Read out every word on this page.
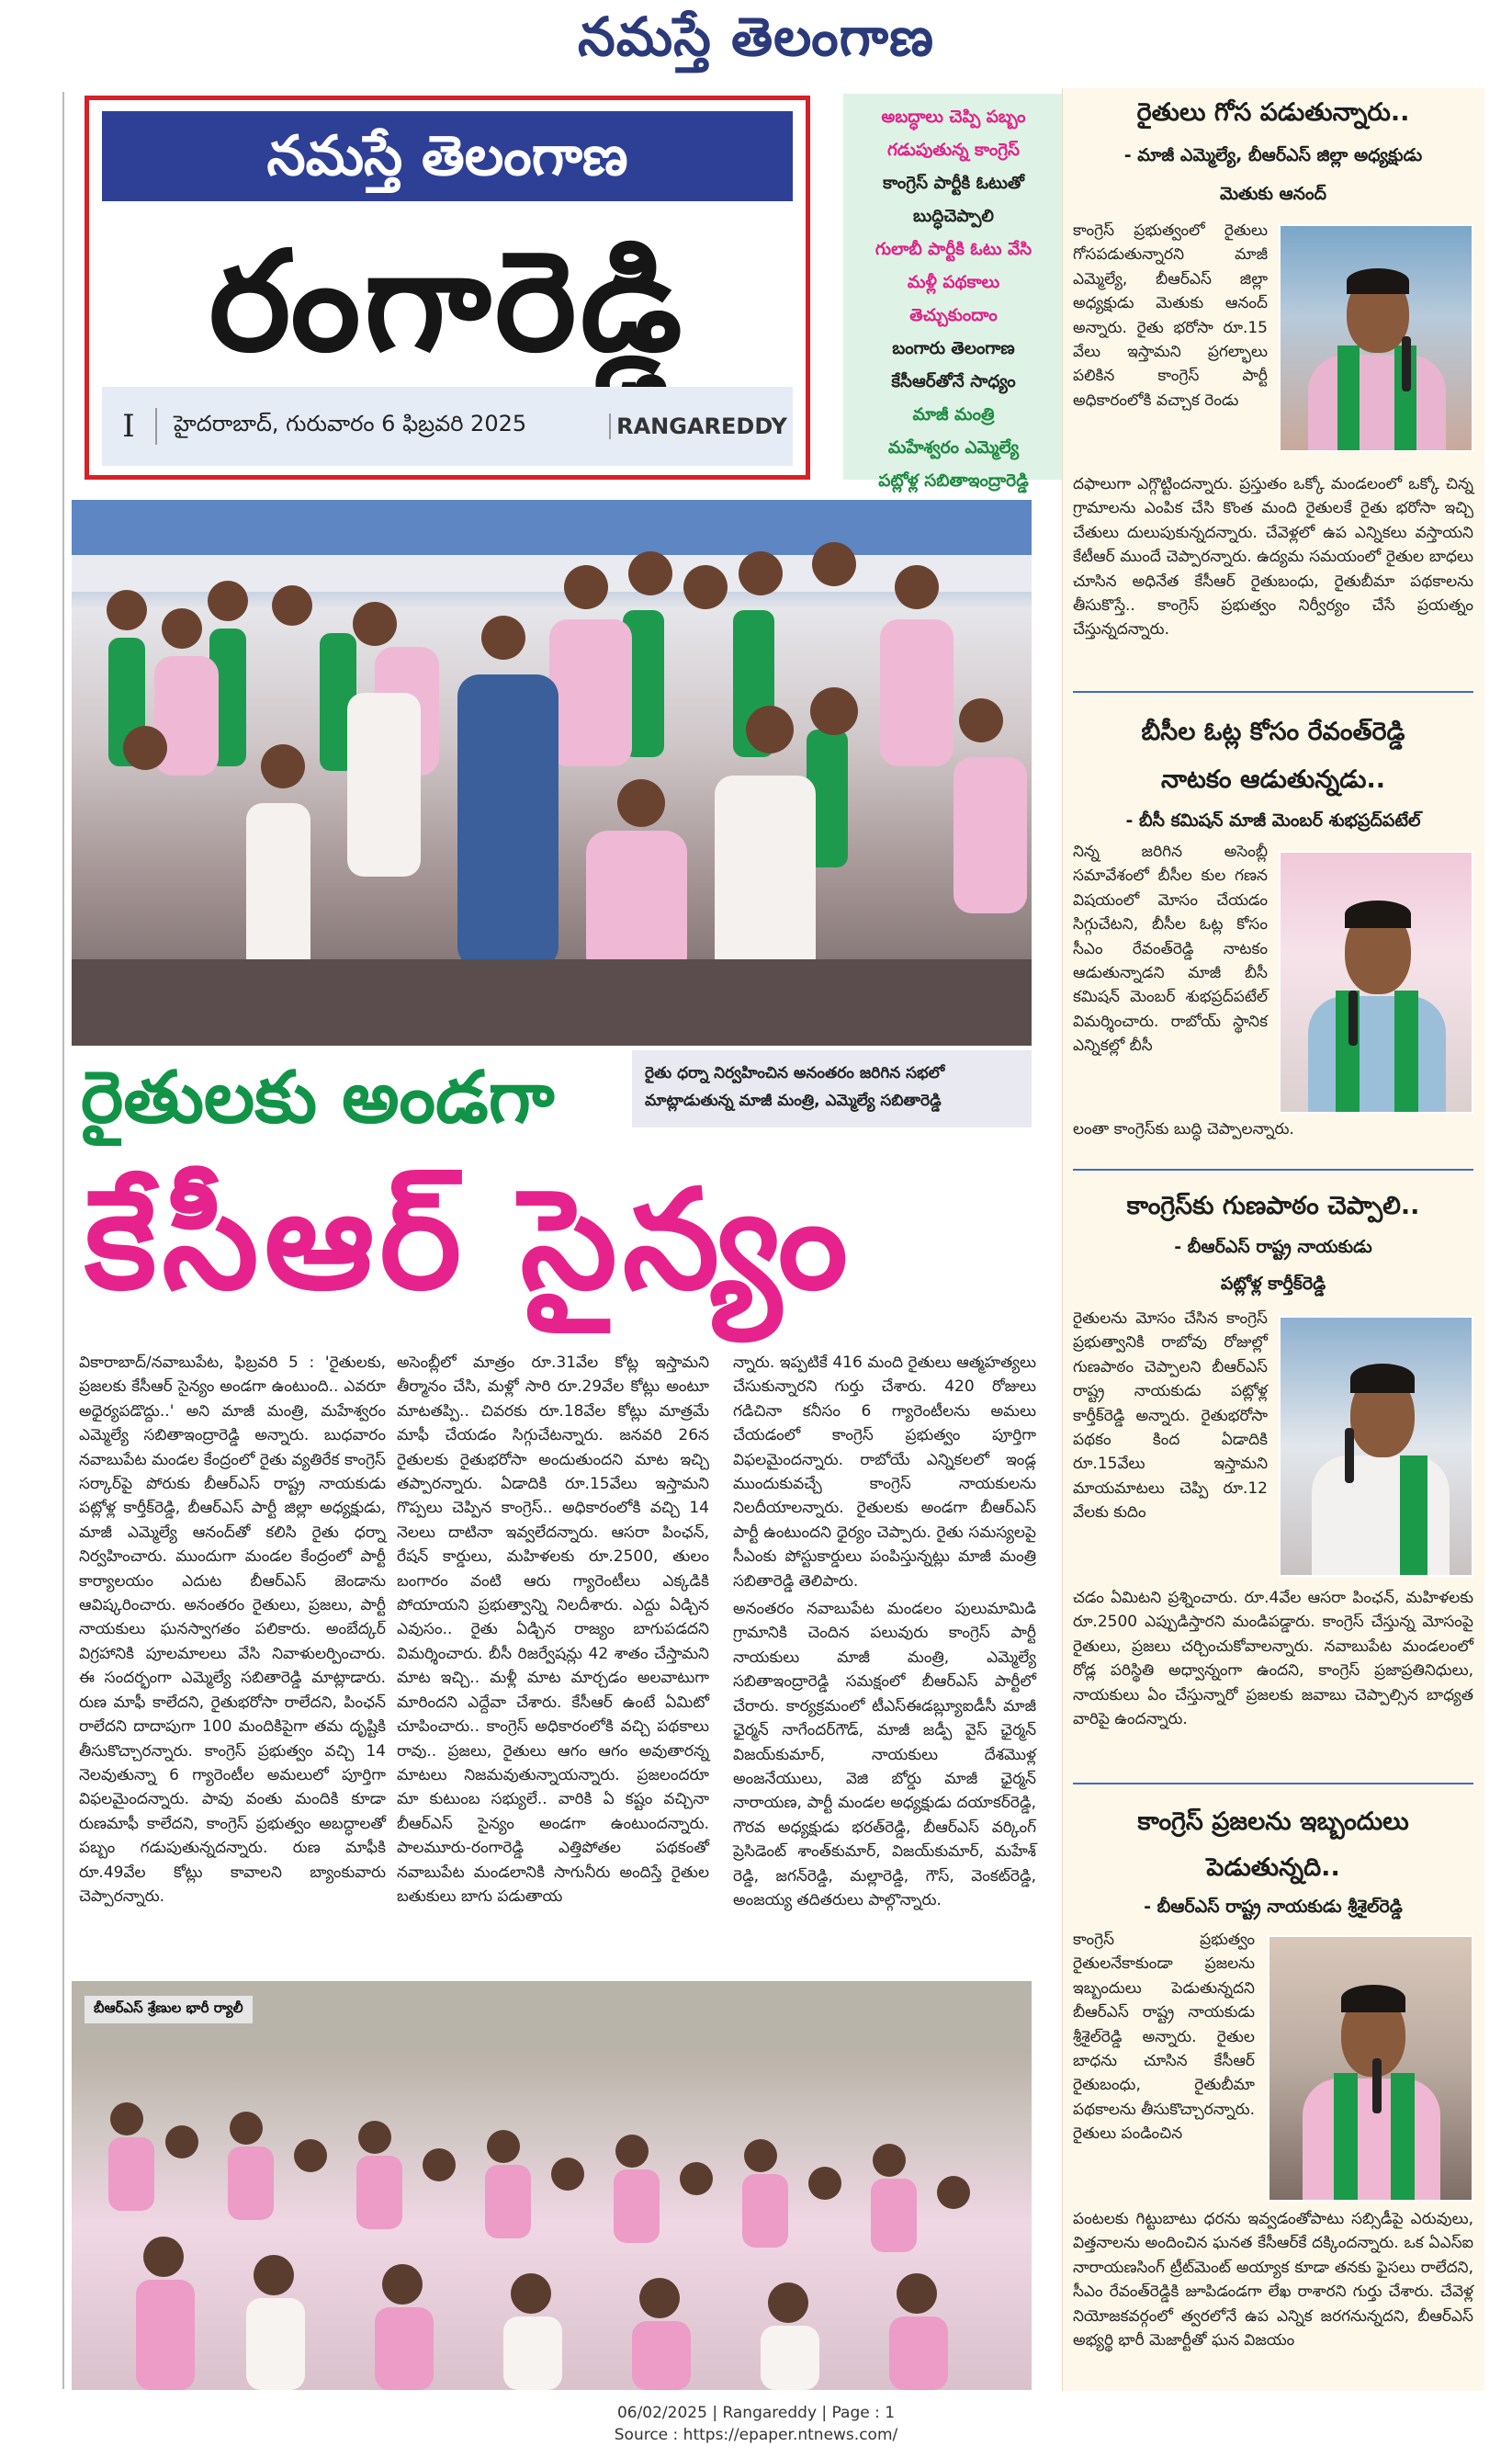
నమస్తే తెలంగాణ
నమస్తే తెలంగాణ
రంగారెడ్డి
I	హైదరాబాద్, గురువారం 6 ఫిబ్రవరి 2025	RANGAREDDY

అబద్ధాలు చెప్పి పబ్బం

గడుపుతున్న కాంగ్రెస్

కాంగ్రెస్ పార్టీకి ఓటుతో

బుద్ధిచెప్పాలి

గులాబీ పార్టీకి ఓటు వేసి

మళ్లీ పథకాలు

తెచ్చుకుందాం

బంగారు తెలంగాణ

కేసీఆర్‌తోనే సాధ్యం

మాజీ మంత్రి

మహేశ్వరం ఎమ్మెల్యే

పట్లోళ్ల సబితాఇంద్రారెడ్డి

రైతు ధర్నా నిర్వహించిన అనంతరం జరిగిన సభలో

మాట్లాడుతున్న మాజీ మంత్రి, ఎమ్మెల్యే సబితారెడ్డి

రైతులకు అండగా
కేసీఆర్ సైన్యం

వికారాబాద్/నవాబుపేట, ఫిబ్రవరి 5 : 'రైతులకు, ప్రజలకు కేసీఆర్ సైన్యం అండగా ఉంటుంది.. ఎవరూ అధైర్యపడొద్దు..' అని మాజీ మంత్రి, మహేశ్వరం ఎమ్మెల్యే సబితాఇంద్రారెడ్డి అన్నారు. బుధవారం నవాబుపేట మండల కేంద్రంలో రైతు వ్యతిరేక కాంగ్రెస్ సర్కార్‌పై పోరుకు బీఆర్‌ఎస్ రాష్ట్ర నాయకుడు పట్లోళ్ల కార్తీక్‌రెడ్డి, బీఆర్‌ఎస్ పార్టీ జిల్లా అధ్యక్షుడు, మాజీ ఎమ్మెల్యే ఆనంద్‌తో కలిసి రైతు ధర్నా నిర్వహించారు. ముందుగా మండల కేంద్రంలో పార్టీ కార్యాలయం ఎదుట బీఆర్‌ఎస్ జెండాను ఆవిష్కరించారు. అనంతరం రైతులు, ప్రజలు, పార్టీ నాయకులు ఘనస్వాగతం పలికారు. అంబేద్కర్ విగ్రహానికి పూలమాలలు వేసి నివాళులర్పించారు. ఈ సందర్భంగా ఎమ్మెల్యే సబితారెడ్డి మాట్లాడారు. రుణ మాఫీ కాలేదని, రైతుభరోసా రాలేదని, పింఛన్ రాలేదని దాదాపుగా 100 మందికిపైగా తమ దృష్టికి తీసుకొచ్చారన్నారు. కాంగ్రెస్ ప్రభుత్వం వచ్చి 14 నెలవుతున్నా 6 గ్యారెంటీల అమలులో పూర్తిగా విఫలమైందన్నారు. పావు వంతు మందికి కూడా రుణమాఫీ కాలేదని, కాంగ్రెస్ ప్రభుత్వం అబద్ధాలతో పబ్బం గడుపుతున్నదన్నారు. రుణ మాఫీకి రూ.49వేల కోట్లు కావాలని బ్యాంకువారు చెప్పారన్నారు.

అసెంబ్లీలో మాత్రం రూ.31వేల కోట్ల ఇస్తామని తీర్మానం చేసి, మళ్లో సారి రూ.29వేల కోట్లు అంటూ మాటతప్పి.. చివరకు రూ.18వేల కోట్లు మాత్రమే మాఫీ చేయడం సిగ్గుచేటన్నారు. జనవరి 26న రైతులకు రైతుభరోసా అందుతుందని మాట ఇచ్చి తప్పారన్నారు. ఏడాదికి రూ.15వేలు ఇస్తామని గొప్పలు చెప్పిన కాంగ్రెస్.. అధికారంలోకి వచ్చి 14 నెలలు దాటినా ఇవ్వలేదన్నారు. ఆసరా పింఛన్, రేషన్ కార్డులు, మహిళలకు రూ.2500, తులం బంగారం వంటి ఆరు గ్యారెంటీలు ఎక్కడికి పోయాయని ప్రభుత్వాన్ని నిలదీశారు. ఎద్దు ఏడ్చిన ఎవుసం.. రైతు ఏడ్చిన రాజ్యం బాగుపడదని విమర్శించారు. బీసీ రిజర్వేషన్లు 42 శాతం చేస్తామని మాట ఇచ్చి.. మళ్లీ మాట మార్చడం అలవాటుగా మారిందని ఎద్దేవా చేశారు. కేసీఆర్ ఉంటే ఏమిటో చూపించారు.. కాంగ్రెస్ అధికారంలోకి వచ్చి పథకాలు రావు.. ప్రజలు, రైతులు ఆగం ఆగం అవుతారన్న మాటలు నిజమవుతున్నాయన్నారు. ప్రజలందరూ మా కుటుంబ సభ్యులే.. వారికి ఏ కష్టం వచ్చినా బీఆర్‌ఎస్ సైన్యం అండగా ఉంటుందన్నారు. పాలమూరు-రంగారెడ్డి ఎత్తిపోతల పథకంతో నవాబుపేట మండలానికి సాగునీరు అందిస్తే రైతుల బతుకులు బాగు పడుతాయ

న్నారు. ఇప్పటికే 416 మంది రైతులు ఆత్మహత్యలు చేసుకున్నారని గుర్తు చేశారు. 420 రోజులు గడిచినా కనీసం 6 గ్యారెంటీలను అమలు చేయడంలో కాంగ్రెస్ ప్రభుత్వం పూర్తిగా విఫలమైందన్నారు. రాబోయే ఎన్నికలలో ఇండ్ల ముందుకువచ్చే కాంగ్రెస్ నాయకులను నిలదీయాలన్నారు. రైతులకు అండగా బీఆర్‌ఎస్ పార్టీ ఉంటుందని ధైర్యం చెప్పారు. రైతు సమస్యలపై సీఎంకు పోస్టుకార్డులు పంపిస్తున్నట్లు మాజీ మంత్రి సబితారెడ్డి తెలిపారు.

అనంతరం నవాబుపేట మండలం పులుమామిడి గ్రామానికి చెందిన పలువురు కాంగ్రెస్ పార్టీ నాయకులు మాజీ మంత్రి, ఎమ్మెల్యే సబితాఇంద్రారెడ్డి సమక్షంలో బీఆర్‌ఎస్ పార్టీలో చేరారు. కార్యక్రమంలో టీఎస్‌ఈడబ్ల్యూఐడీసీ మాజీ ఛైర్మన్ నాగేందర్‌గౌడ్, మాజీ జడ్పీ వైస్ ఛైర్మన్ విజయ్‌కుమార్, నాయకులు దేశమొళ్ల అంజనేయులు, వెజి బోర్డు మాజీ ఛైర్మన్ నారాయణ, పార్టీ మండల అధ్యక్షుడు దయాకర్‌రెడ్డి, గౌరవ అధ్యక్షుడు భరత్‌రెడ్డి, బీఆర్‌ఎస్ వర్కింగ్ ప్రెసిడెంట్ శాంత్‌కుమార్, విజయ్‌కుమార్, మహేశ్ రెడ్డి, జగన్‌రెడ్డి, మల్లారెడ్డి, గౌస్, వెంకట్‌రెడ్డి, అంజయ్య తదితరులు పాల్గొన్నారు.

బీఆర్‌ఎస్ శ్రేణుల భారీ ర్యాలీ
రైతులు గోస పడుతున్నారు..
- మాజీ ఎమ్మెల్యే, బీఆర్‌ఎస్ జిల్లా అధ్యక్షుడు
మెతుకు ఆనంద్
కాంగ్రెస్ ప్రభుత్వంలో రైతులు గోసపడుతున్నారని మాజీ ఎమ్మెల్యే, బీఆర్‌ఎస్ జిల్లా అధ్యక్షుడు మెతుకు ఆనంద్ అన్నారు. రైతు భరోసా రూ.15 వేలు ఇస్తామని ప్రగల్భాలు పలికిన కాంగ్రెస్ పార్టీ అధికారంలోకి వచ్చాక రెండు
దఫాలుగా ఎగ్గొట్టిందన్నారు. ప్రస్తుతం ఒక్కో మండలంలో ఒక్కో చిన్న గ్రామాలను ఎంపిక చేసి కొంత మంది రైతులకే రైతు భరోసా ఇచ్చి చేతులు దులుపుకున్నదన్నారు. చేవెళ్లలో ఉప ఎన్నికలు వస్తాయని కేటీఆర్ ముందే చెప్పారన్నారు. ఉద్యమ సమయంలో రైతుల బాధలు చూసిన అధినేత కేసీఆర్ రైతుబంధు, రైతుబీమా పథకాలను తీసుకొస్తే.. కాంగ్రెస్ ప్రభుత్వం నిర్వీర్యం చేసే ప్రయత్నం చేస్తున్నదన్నారు.
బీసీల ఓట్ల కోసం రేవంత్‌రెడ్డి
నాటకం ఆడుతున్నడు..
- బీసీ కమిషన్ మాజీ మెంబర్ శుభప్రద్‌పటేల్
నిన్న జరిగిన అసెంబ్లీ సమావేశంలో బీసీల కుల గణన విషయంలో మోసం చేయడం సిగ్గుచేటని, బీసీల ఓట్ల కోసం సీఎం రేవంత్‌రెడ్డి నాటకం ఆడుతున్నాడని మాజీ బీసీ కమిషన్ మెంబర్ శుభప్రద్‌పటేల్ విమర్శించారు. రాబోయ్ స్థానిక ఎన్నికల్లో బీసీ
లంతా కాంగ్రెస్‌కు బుద్ధి చెప్పాలన్నారు.
కాంగ్రెస్‌కు గుణపాఠం చెప్పాలి..
- బీఆర్‌ఎస్ రాష్ట్ర నాయకుడు
పట్లోళ్ల కార్తీక్‌రెడ్డి
రైతులను మోసం చేసిన కాంగ్రెస్ ప్రభుత్వానికి రాబోవు రోజుల్లో గుణపాఠం చెప్పాలని బీఆర్‌ఎస్ రాష్ట్ర నాయకుడు పట్లోళ్ల కార్తీక్‌రెడ్డి అన్నారు. రైతుభరోసా పథకం కింద ఏడాదికి రూ.15వేలు ఇస్తామని మాయమాటలు చెప్పి రూ.12 వేలకు కుదిం
చడం ఏమిటని ప్రశ్నించారు. రూ.4వేల ఆసరా పింఛన్, మహిళలకు రూ.2500 ఎప్పుడిస్తారని మండిపడ్డారు. కాంగ్రెస్ చేస్తున్న మోసంపై రైతులు, ప్రజలు చర్చించుకోవాలన్నారు. నవాబుపేట మండలంలో రోడ్ల పరిస్థితి అధ్వాన్నంగా ఉందని, కాంగ్రెస్ ప్రజాప్రతినిధులు, నాయకులు ఏం చేస్తున్నారో ప్రజలకు జవాబు చెప్పాల్సిన బాధ్యత వారిపై ఉందన్నారు.
కాంగ్రెస్ ప్రజలను ఇబ్బందులు
పెడుతున్నది..
- బీఆర్‌ఎస్ రాష్ట్ర నాయకుడు శ్రీశైల్‌రెడ్డి
కాంగ్రెస్ ప్రభుత్వం రైతులనేకాకుండా ప్రజలను ఇబ్బందులు పెడుతున్నదని బీఆర్‌ఎస్ రాష్ట్ర నాయకుడు శ్రీశైల్‌రెడ్డి అన్నారు. రైతుల బాధను చూసిన కేసీఆర్ రైతుబంధు, రైతుబీమా పథకాలను తీసుకొచ్చారన్నారు. రైతులు పండించిన
పంటలకు గిట్టుబాటు ధరను ఇవ్వడంతోపాటు సబ్సిడీపై ఎరువులు, విత్తనాలను అందించిన ఘనత కేసీఆర్‌కే దక్కిందన్నారు. ఒక ఏఎస్‌ఐ నారాయణసింగ్ ట్రీట్‌మెంట్ అయ్యాక కూడా తనకు ఫైసలు రాలేదని, సీఎం రేవంత్‌రెడ్డికి జూపిడండగా లేఖ రాశారని గుర్తు చేశారు. చేవెళ్ల నియోజకవర్గంలో త్వరలోనే ఉప ఎన్నిక జరగనున్నదని, బీఆర్‌ఎస్ అభ్యర్థి భారీ మెజార్టీతో ఘన విజయం
06/02/2025 | Rangareddy | Page : 1
Source : https://epaper.ntnews.com/
